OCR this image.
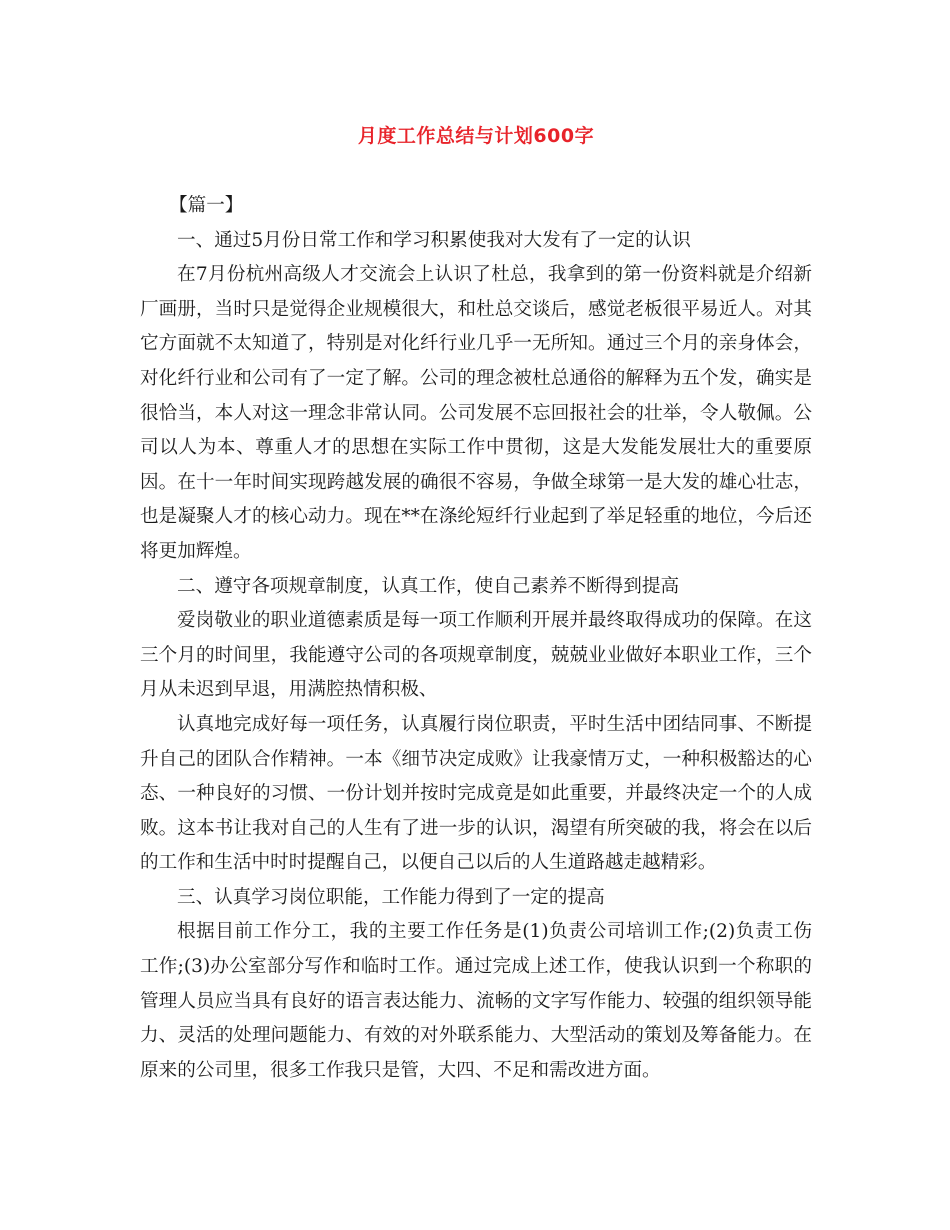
月度工作总结与计划600字

【篇一】

一、通过5月份日常工作和学习积累使我对大发有了一定的认识

在7月份杭州高级人才交流会上认识了杜总，我拿到的第一份资料就是介绍新厂画册，当时只是觉得企业规模很大，和杜总交谈后，感觉老板很平易近人。对其它方面就不太知道了，特别是对化纤行业几乎一无所知。通过三个月的亲身体会，对化纤行业和公司有了一定了解。公司的理念被杜总通俗的解释为五个发，确实是很恰当，本人对这一理念非常认同。公司发展不忘回报社会的壮举，令人敬佩。公司以人为本、尊重人才的思想在实际工作中贯彻，这是大发能发展壮大的重要原因。在十一年时间实现跨越发展的确很不容易，争做全球第一是大发的雄心壮志，也是凝聚人才的核心动力。现在**在涤纶短纤行业起到了举足轻重的地位，今后还将更加辉煌。

二、遵守各项规章制度，认真工作，使自己素养不断得到提高

爱岗敬业的职业道德素质是每一项工作顺利开展并最终取得成功的保障。在这三个月的时间里，我能遵守公司的各项规章制度，兢兢业业做好本职业工作，三个月从未迟到早退，用满腔热情积极、

认真地完成好每一项任务，认真履行岗位职责，平时生活中团结同事、不断提升自己的团队合作精神。一本《细节决定成败》让我豪情万丈，一种积极豁达的心态、一种良好的习惯、一份计划并按时完成竟是如此重要，并最终决定一个的人成败。这本书让我对自己的人生有了进一步的认识，渴望有所突破的我，将会在以后的工作和生活中时时提醒自己，以便自己以后的人生道路越走越精彩。

三、认真学习岗位职能，工作能力得到了一定的提高

根据目前工作分工，我的主要工作任务是(1)负责公司培训工作;(2)负责工伤工作;(3)办公室部分写作和临时工作。通过完成上述工作，使我认识到一个称职的管理人员应当具有良好的语言表达能力、流畅的文字写作能力、较强的组织领导能力、灵活的处理问题能力、有效的对外联系能力、大型活动的策划及筹备能力。在原来的公司里，很多工作我只是管，大四、不足和需改进方面。
